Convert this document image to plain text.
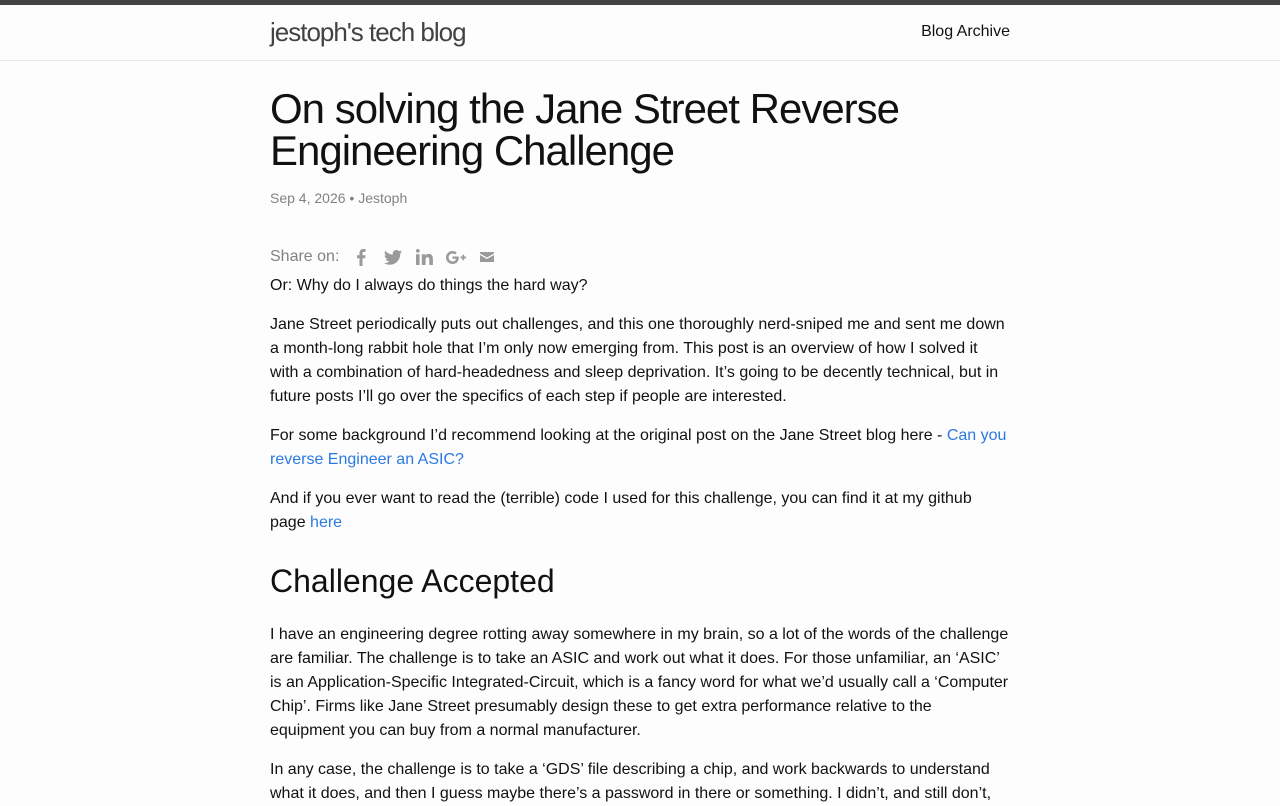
jestoph's tech blog	Blog Archive
On solving the Jane Street Reverse Engineering Challenge
Sep 4, 2026 • Jestoph
Share on:

Or: Why do I always do things the hard way?

Jane Street periodically puts out challenges, and this one thoroughly nerd-sniped me and sent me down a month-long rabbit hole that I’m only now emerging from. This post is an overview of how I solved it with a combination of hard-headedness and sleep deprivation. It’s going to be decently technical, but in future posts I’ll go over the specifics of each step if people are interested.

For some background I’d recommend looking at the original post on the Jane Street blog here - Can you reverse Engineer an ASIC?

And if you ever want to read the (terrible) code I used for this challenge, you can find it at my github page here

Challenge Accepted

I have an engineering degree rotting away somewhere in my brain, so a lot of the words of the challenge are familiar. The challenge is to take an ASIC and work out what it does. For those unfamiliar, an ‘ASIC’ is an Application-Specific Integrated-Circuit, which is a fancy word for what we’d usually call a ‘Computer Chip’. Firms like Jane Street presumably design these to get extra performance relative to the equipment you can buy from a normal manufacturer.

In any case, the challenge is to take a ‘GDS’ file describing a chip, and work backwards to understand what it does, and then I guess maybe there’s a password in there or something. I didn’t, and still don’t,
